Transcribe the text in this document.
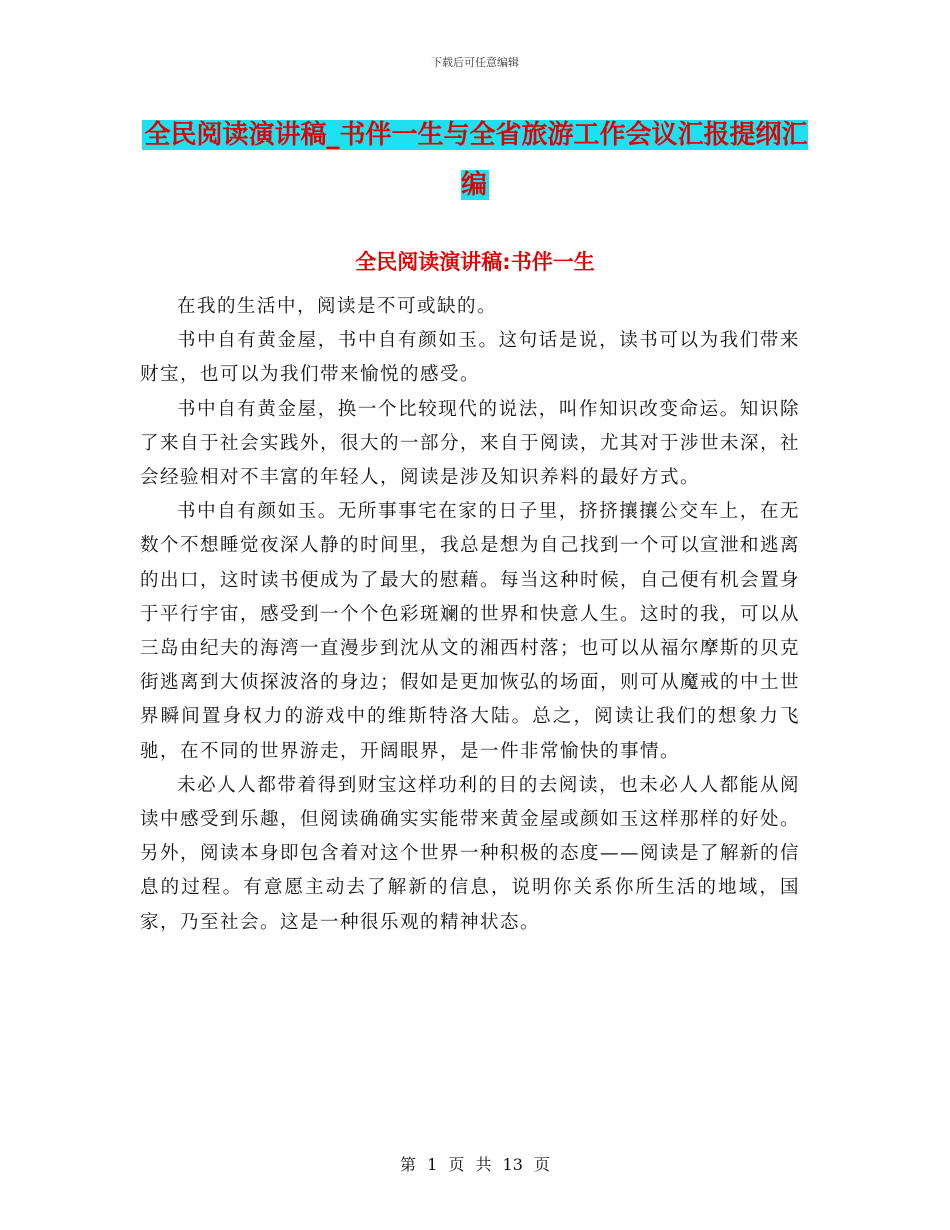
下载后可任意编辑
全民阅读演讲稿_书伴一生与全省旅游工作会议汇报提纲汇编
全民阅读演讲稿:书伴一生

在我的生活中，阅读是不可或缺的。

书中自有黄金屋，书中自有颜如玉。这句话是说，读书可以为我们带来财宝，也可以为我们带来愉悦的感受。

书中自有黄金屋，换一个比较现代的说法，叫作知识改变命运。知识除了来自于社会实践外，很大的一部分，来自于阅读，尤其对于涉世未深，社会经验相对不丰富的年轻人，阅读是涉及知识养料的最好方式。

书中自有颜如玉。无所事事宅在家的日子里，挤挤攘攘公交车上，在无数个不想睡觉夜深人静的时间里，我总是想为自己找到一个可以宣泄和逃离的出口，这时读书便成为了最大的慰藉。每当这种时候，自己便有机会置身于平行宇宙，感受到一个个色彩斑斓的世界和快意人生。这时的我，可以从三岛由纪夫的海湾一直漫步到沈从文的湘西村落；也可以从福尔摩斯的贝克街逃离到大侦探波洛的身边；假如是更加恢弘的场面，则可从魔戒的中土世界瞬间置身权力的游戏中的维斯特洛大陆。总之，阅读让我们的想象力飞驰，在不同的世界游走，开阔眼界，是一件非常愉快的事情。

未必人人都带着得到财宝这样功利的目的去阅读，也未必人人都能从阅读中感受到乐趣，但阅读确确实实能带来黄金屋或颜如玉这样那样的好处。另外，阅读本身即包含着对这个世界一种积极的态度——阅读是了解新的信息的过程。有意愿主动去了解新的信息，说明你关系你所生活的地域，国家，乃至社会。这是一种很乐观的精神状态。

第 1 页 共 13 页
